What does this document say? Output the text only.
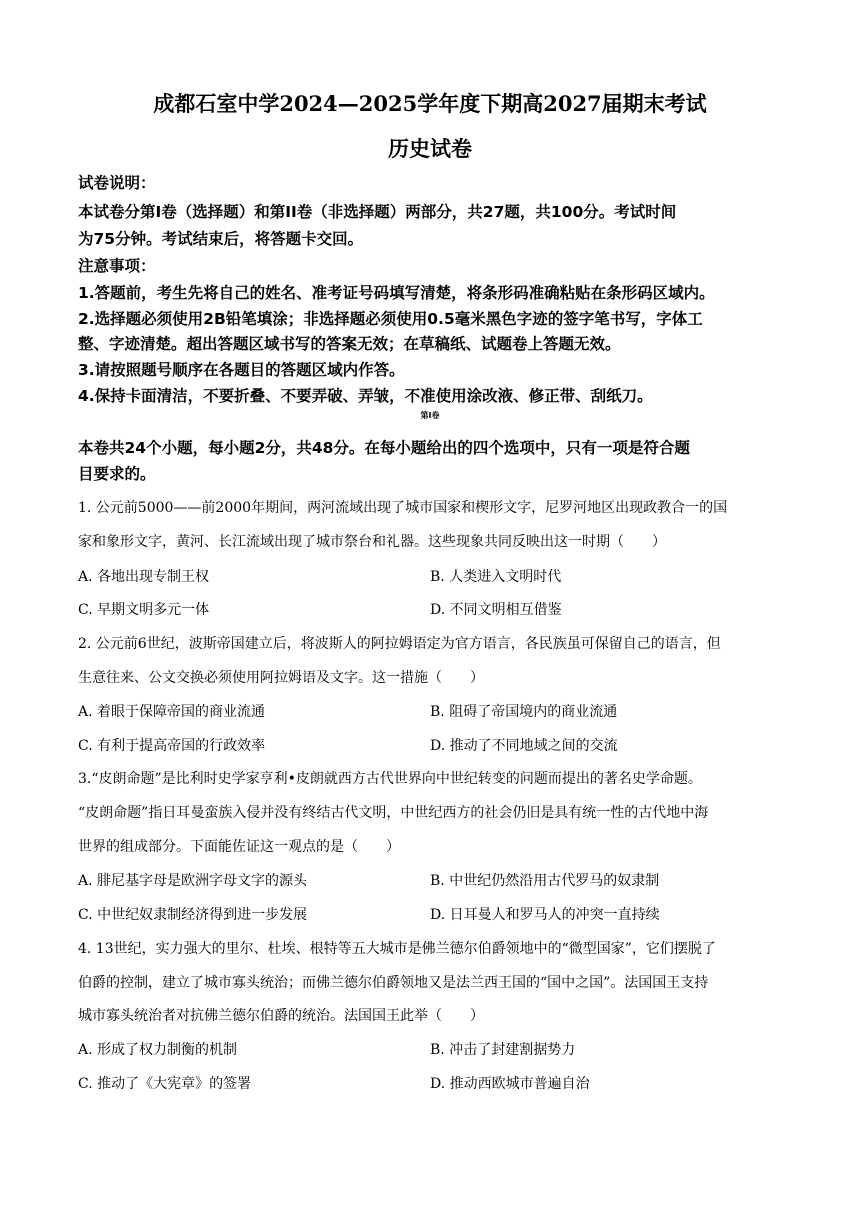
成都石室中学2024—2025学年度下期高2027届期末考试
历史试卷
试卷说明：
本试卷分第Ⅰ卷（选择题）和第II卷（非选择题）两部分，共27题，共100分。考试时间
为75分钟。考试结束后，将答题卡交回。
注意事项：
1.答题前，考生先将自己的姓名、准考证号码填写清楚，将条形码准确粘贴在条形码区域内。
2.选择题必须使用2B铅笔填涂；非选择题必须使用0.5毫米黑色字迹的签字笔书写，字体工
整、字迹清楚。超出答题区域书写的答案无效；在草稿纸、试题卷上答题无效。
3.请按照题号顺序在各题目的答题区域内作答。
4.保持卡面清洁，不要折叠、不要弄破、弄皱，不准使用涂改液、修正带、刮纸刀。
第Ⅰ卷
本卷共24个小题，每小题2分，共48分。在每小题给出的四个选项中，只有一项是符合题
目要求的。
1. 公元前5000——前2000年期间，两河流域出现了城市国家和楔形文字，尼罗河地区出现政教合一的国
家和象形文字，黄河、长江流域出现了城市祭台和礼器。这些现象共同反映出这一时期（　　）
A. 各地出现专制王权	B. 人类进入文明时代
C. 早期文明多元一体	D. 不同文明相互借鉴
2. 公元前6世纪，波斯帝国建立后，将波斯人的阿拉姆语定为官方语言，各民族虽可保留自己的语言，但
生意往来、公文交换必须使用阿拉姆语及文字。这一措施（　　）
A. 着眼于保障帝国的商业流通	B. 阻碍了帝国境内的商业流通
C. 有利于提高帝国的行政效率	D. 推动了不同地域之间的交流
3.“皮朗命题”是比利时史学家亨利•皮朗就西方古代世界向中世纪转变的问题而提出的著名史学命题。
“皮朗命题”指日耳曼蛮族入侵并没有终结古代文明，中世纪西方的社会仍旧是具有统一性的古代地中海
世界的组成部分。下面能佐证这一观点的是（　　）
A. 腓尼基字母是欧洲字母文字的源头	B. 中世纪仍然沿用古代罗马的奴隶制
C. 中世纪奴隶制经济得到进一步发展	D. 日耳曼人和罗马人的冲突一直持续
4. 13世纪，实力强大的里尔、杜埃、根特等五大城市是佛兰德尔伯爵领地中的“微型国家”，它们摆脱了
伯爵的控制，建立了城市寡头统治；而佛兰德尔伯爵领地又是法兰西王国的“国中之国”。法国国王支持
城市寡头统治者对抗佛兰德尔伯爵的统治。法国国王此举（　　）
A. 形成了权力制衡的机制	B. 冲击了封建割据势力
C. 推动了《大宪章》的签署	D. 推动西欧城市普遍自治
